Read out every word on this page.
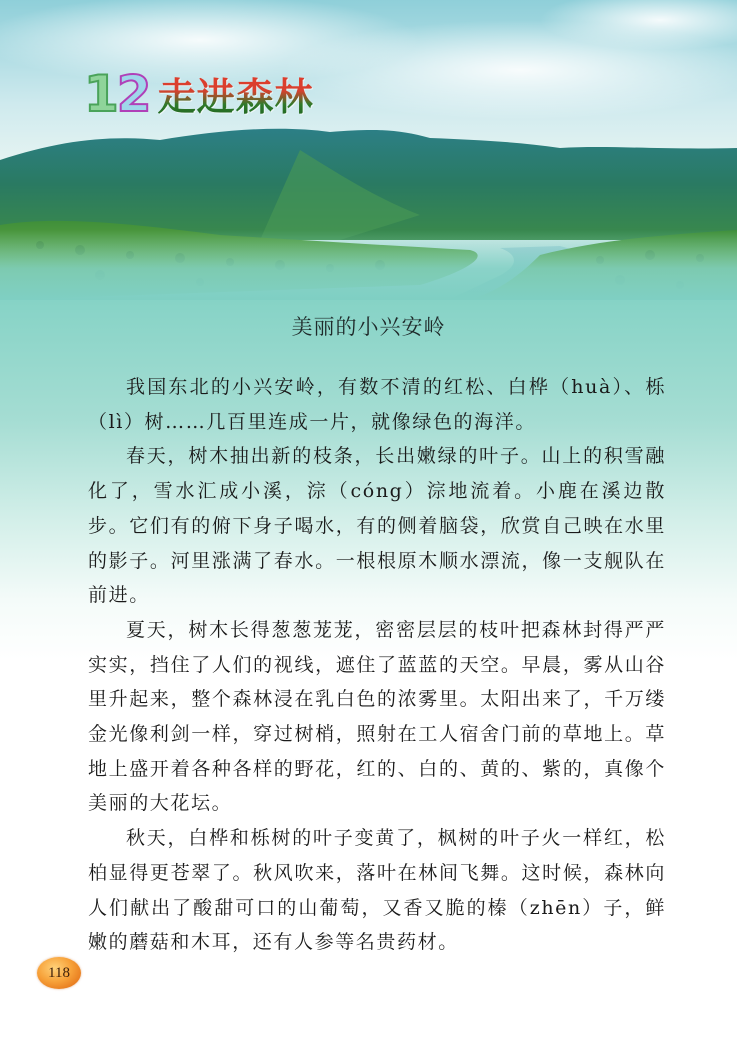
1 2 走进森林
美丽的小兴安岭

我国东北的小兴安岭，有数不清的红松、白桦（huà）、栎（lì）树……几百里连成一片，就像绿色的海洋。

春天，树木抽出新的枝条，长出嫩绿的叶子。山上的积雪融化了，雪水汇成小溪，淙（cóng）淙地流着。小鹿在溪边散步。它们有的俯下身子喝水，有的侧着脑袋，欣赏自己映在水里的影子。河里涨满了春水。一根根原木顺水漂流，像一支舰队在前进。

夏天，树木长得葱葱茏茏，密密层层的枝叶把森林封得严严实实，挡住了人们的视线，遮住了蓝蓝的天空。早晨，雾从山谷里升起来，整个森林浸在乳白色的浓雾里。太阳出来了，千万缕金光像利剑一样，穿过树梢，照射在工人宿舍门前的草地上。草地上盛开着各种各样的野花，红的、白的、黄的、紫的，真像个美丽的大花坛。

秋天，白桦和栎树的叶子变黄了，枫树的叶子火一样红，松柏显得更苍翠了。秋风吹来，落叶在林间飞舞。这时候，森林向人们献出了酸甜可口的山葡萄，又香又脆的榛（zhēn）子，鲜嫩的蘑菇和木耳，还有人参等名贵药材。

118
